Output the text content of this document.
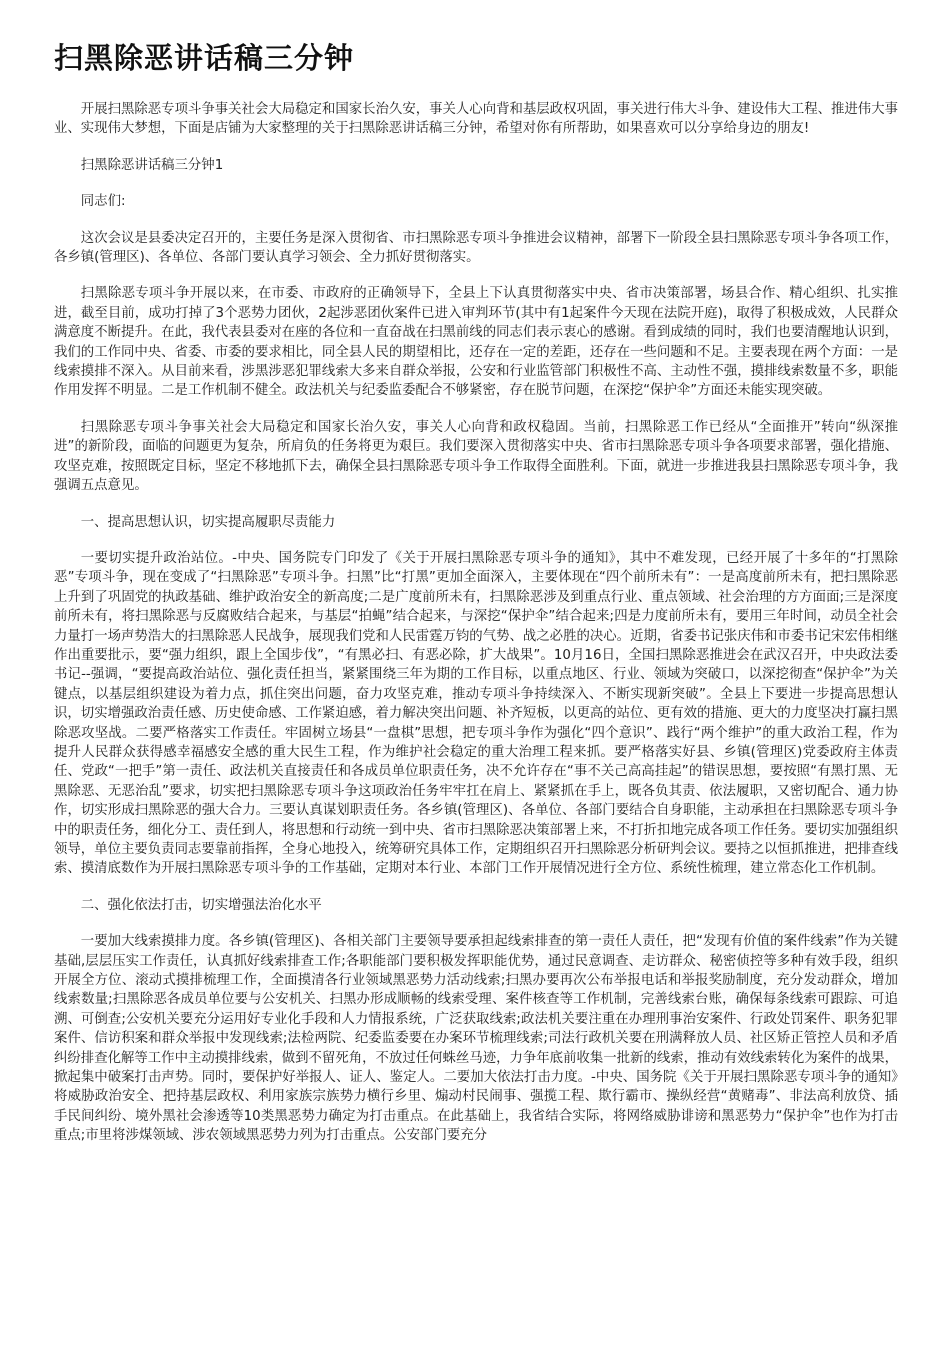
扫黑除恶讲话稿三分钟

开展扫黑除恶专项斗争事关社会大局稳定和国家长治久安，事关人心向背和基层政权巩固，事关进行伟大斗争、建设伟大工程、推进伟大事业、实现伟大梦想，下面是店铺为大家整理的关于扫黑除恶讲话稿三分钟，希望对你有所帮助，如果喜欢可以分享给身边的朋友!

扫黑除恶讲话稿三分钟1

同志们:

这次会议是县委决定召开的，主要任务是深入贯彻省、市扫黑除恶专项斗争推进会议精神，部署下一阶段全县扫黑除恶专项斗争各项工作，各乡镇(管理区)、各单位、各部门要认真学习领会、全力抓好贯彻落实。

扫黑除恶专项斗争开展以来，在市委、市政府的正确领导下，全县上下认真贯彻落实中央、省市决策部署，场县合作、精心组织、扎实推进，截至目前，成功打掉了3个恶势力团伙，2起涉恶团伙案件已进入审判环节(其中有1起案件今天现在法院开庭)，取得了积极成效，人民群众满意度不断提升。在此，我代表县委对在座的各位和一直奋战在扫黑前线的同志们表示衷心的感谢。看到成绩的同时，我们也要清醒地认识到，我们的工作同中央、省委、市委的要求相比，同全县人民的期望相比，还存在一定的差距，还存在一些问题和不足。主要表现在两个方面：一是线索摸排不深入。从目前来看，涉黑涉恶犯罪线索大多来自群众举报，公安和行业监管部门积极性不高、主动性不强，摸排线索数量不多，职能作用发挥不明显。二是工作机制不健全。政法机关与纪委监委配合不够紧密，存在脱节问题，在深挖“保护伞”方面还未能实现突破。

扫黑除恶专项斗争事关社会大局稳定和国家长治久安，事关人心向背和政权稳固。当前，扫黑除恶工作已经从“全面推开”转向“纵深推进”的新阶段，面临的问题更为复杂，所肩负的任务将更为艰巨。我们要深入贯彻落实中央、省市扫黑除恶专项斗争各项要求部署，强化措施、攻坚克难，按照既定目标，坚定不移地抓下去，确保全县扫黑除恶专项斗争工作取得全面胜利。下面，就进一步推进我县扫黑除恶专项斗争，我强调五点意见。

一、提高思想认识，切实提高履职尽责能力

一要切实提升政治站位。-中央、国务院专门印发了《关于开展扫黑除恶专项斗争的通知》，其中不难发现，已经开展了十多年的“打黑除恶”专项斗争，现在变成了“扫黑除恶”专项斗争。扫黑”比“打黑”更加全面深入，主要体现在“四个前所未有”：一是高度前所未有，把扫黑除恶上升到了巩固党的执政基础、维护政治安全的新高度;二是广度前所未有，扫黑除恶涉及到重点行业、重点领域、社会治理的方方面面;三是深度前所未有，将扫黑除恶与反腐败结合起来，与基层“拍蝇”结合起来，与深挖“保护伞”结合起来;四是力度前所未有，要用三年时间，动员全社会力量打一场声势浩大的扫黑除恶人民战争，展现我们党和人民雷霆万钧的气势、战之必胜的决心。近期，省委书记张庆伟和市委书记宋宏伟相继作出重要批示，要“强力组织，跟上全国步伐”，“有黑必扫、有恶必除，扩大战果”。10月16日，全国扫黑除恶推进会在武汉召开，中央政法委书记--强调，“要提高政治站位、强化责任担当，紧紧围绕三年为期的工作目标，以重点地区、行业、领域为突破口，以深挖彻查“保护伞”为关键点，以基层组织建设为着力点，抓住突出问题，奋力攻坚克难，推动专项斗争持续深入、不断实现新突破”。全县上下要进一步提高思想认识，切实增强政治责任感、历史使命感、工作紧迫感，着力解决突出问题、补齐短板，以更高的站位、更有效的措施、更大的力度坚决打赢扫黑除恶攻坚战。二要严格落实工作责任。牢固树立场县“一盘棋”思想，把专项斗争作为强化“四个意识”、践行“两个维护”的重大政治工程，作为提升人民群众获得感幸福感安全感的重大民生工程，作为维护社会稳定的重大治理工程来抓。要严格落实好县、乡镇(管理区)党委政府主体责任、党政“一把手”第一责任、政法机关直接责任和各成员单位职责任务，决不允许存在“事不关己高高挂起”的错误思想，要按照“有黑打黑、无黑除恶、无恶治乱”要求，切实把扫黑除恶专项斗争这项政治任务牢牢扛在肩上、紧紧抓在手上，既各负其责、依法履职，又密切配合、通力协作，切实形成扫黑除恶的强大合力。三要认真谋划职责任务。各乡镇(管理区)、各单位、各部门要结合自身职能，主动承担在扫黑除恶专项斗争中的职责任务，细化分工、责任到人，将思想和行动统一到中央、省市扫黑除恶决策部署上来，不打折扣地完成各项工作任务。要切实加强组织领导，单位主要负责同志要靠前指挥，全身心地投入，统筹研究具体工作，定期组织召开扫黑除恶分析研判会议。要持之以恒抓推进，把排查线索、摸清底数作为开展扫黑除恶专项斗争的工作基础，定期对本行业、本部门工作开展情况进行全方位、系统性梳理，建立常态化工作机制。

二、强化依法打击，切实增强法治化水平

一要加大线索摸排力度。各乡镇(管理区)、各相关部门主要领导要承担起线索排查的第一责任人责任，把“发现有价值的案件线索”作为关键基础,层层压实工作责任，认真抓好线索排查工作;各职能部门要积极发挥职能优势，通过民意调查、走访群众、秘密侦控等多种有效手段，组织开展全方位、滚动式摸排梳理工作，全面摸清各行业领域黑恶势力活动线索;扫黑办要再次公布举报电话和举报奖励制度，充分发动群众，增加线索数量;扫黑除恶各成员单位要与公安机关、扫黑办形成顺畅的线索受理、案件核查等工作机制，完善线索台账，确保每条线索可跟踪、可追溯、可倒查;公安机关要充分运用好专业化手段和人力情报系统，广泛获取线索;政法机关要注重在办理刑事治安案件、行政处罚案件、职务犯罪案件、信访积案和群众举报中发现线索;法检两院、纪委监委要在办案环节梳理线索;司法行政机关要在刑满释放人员、社区矫正管控人员和矛盾纠纷排查化解等工作中主动摸排线索，做到不留死角，不放过任何蛛丝马迹，力争年底前收集一批新的线索，推动有效线索转化为案件的战果，掀起集中破案打击声势。同时，要保护好举报人、证人、鉴定人。二要加大依法打击力度。-中央、国务院《关于开展扫黑除恶专项斗争的通知》将威胁政治安全、把持基层政权、利用家族宗族势力横行乡里、煽动村民闹事、强揽工程、欺行霸市、操纵经营“黄赌毒”、非法高利放贷、插手民间纠纷、境外黑社会渗透等10类黑恶势力确定为打击重点。在此基础上，我省结合实际，将网络威胁诽谤和黑恶势力“保护伞”也作为打击重点;市里将涉煤领域、涉农领域黑恶势力列为打击重点。公安部门要充分
